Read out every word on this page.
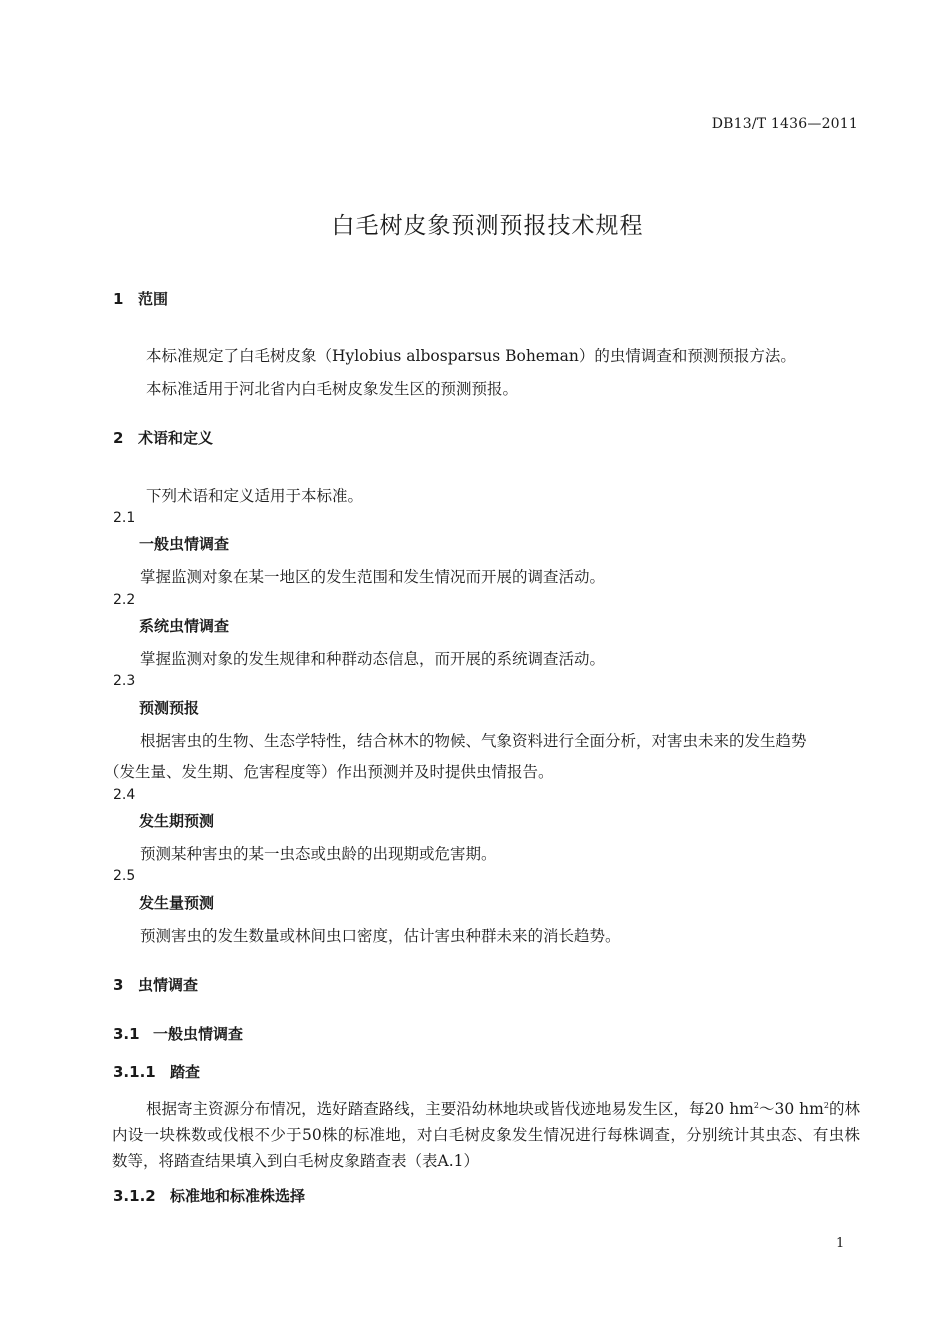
DB13/T 1436—2011
白毛树皮象预测预报技术规程
1 范围
本标准规定了白毛树皮象（Hylobius albosparsus Boheman）的虫情调查和预测预报方法。
本标准适用于河北省内白毛树皮象发生区的预测预报。
2 术语和定义
下列术语和定义适用于本标准。
2.1
一般虫情调查
掌握监测对象在某一地区的发生范围和发生情况而开展的调查活动。
2.2
系统虫情调查
掌握监测对象的发生规律和种群动态信息，而开展的系统调查活动。
2.3
预测预报
根据害虫的生物、生态学特性，结合林木的物候、气象资料进行全面分析，对害虫未来的发生趋势
（发生量、发生期、危害程度等）作出预测并及时提供虫情报告。
2.4
发生期预测
预测某种害虫的某一虫态或虫龄的出现期或危害期。
2.5
发生量预测
预测害虫的发生数量或林间虫口密度，估计害虫种群未来的消长趋势。
3 虫情调查
3.1 一般虫情调查
3.1.1 踏查
根据寄主资源分布情况，选好踏查路线，主要沿幼林地块或皆伐迹地易发生区，每20 $hm^2\sim 30$ $hm^2$的林内设一块株数或伐根不少于50株的标准地，对白毛树皮象发生情况进行每株调查，分别统计其虫态、有虫株数等，将踏查结果填入到白毛树皮象踏查表（表A.1）
3.1.2 标准地和标准株选择
1
